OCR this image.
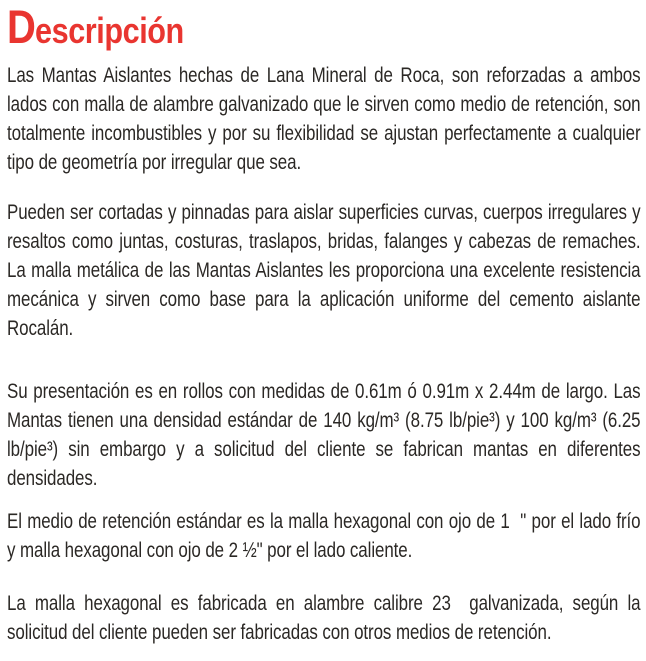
Descripción

Las Mantas Aislantes hechas de Lana Mineral de Roca, son reforzadas a ambos lados con malla de alambre galvanizado que le sirven como medio de retención, son totalmente incombustibles y por su flexibilidad se ajustan perfectamente a cualquier tipo de geometría por irregular que sea.

Pueden ser cortadas y pinnadas para aislar superficies curvas, cuerpos irregulares y resaltos como juntas, costuras, traslapos, bridas, falanges y cabezas de remaches. La malla metálica de las Mantas Aislantes les proporciona una excelente resistencia mecánica y sirven como base para la aplicación uniforme del cemento aislante Rocalán.

Su presentación es en rollos con medidas de 0.61m ó 0.91m x 2.44m de largo. Las Mantas tienen una densidad estándar de 140 kg/m³ (8.75 lb/pie³) y 100 kg/m³ (6.25 lb/pie³) sin embargo y a solicitud del cliente se fabrican mantas en diferentes densidades.

El medio de retención estándar es la malla hexagonal con ojo de 1  " por el lado frío y malla hexagonal con ojo de 2 ½" por el lado caliente.

La malla hexagonal es fabricada en alambre calibre 23  galvanizada, según la solicitud del cliente pueden ser fabricadas con otros medios de retención.
